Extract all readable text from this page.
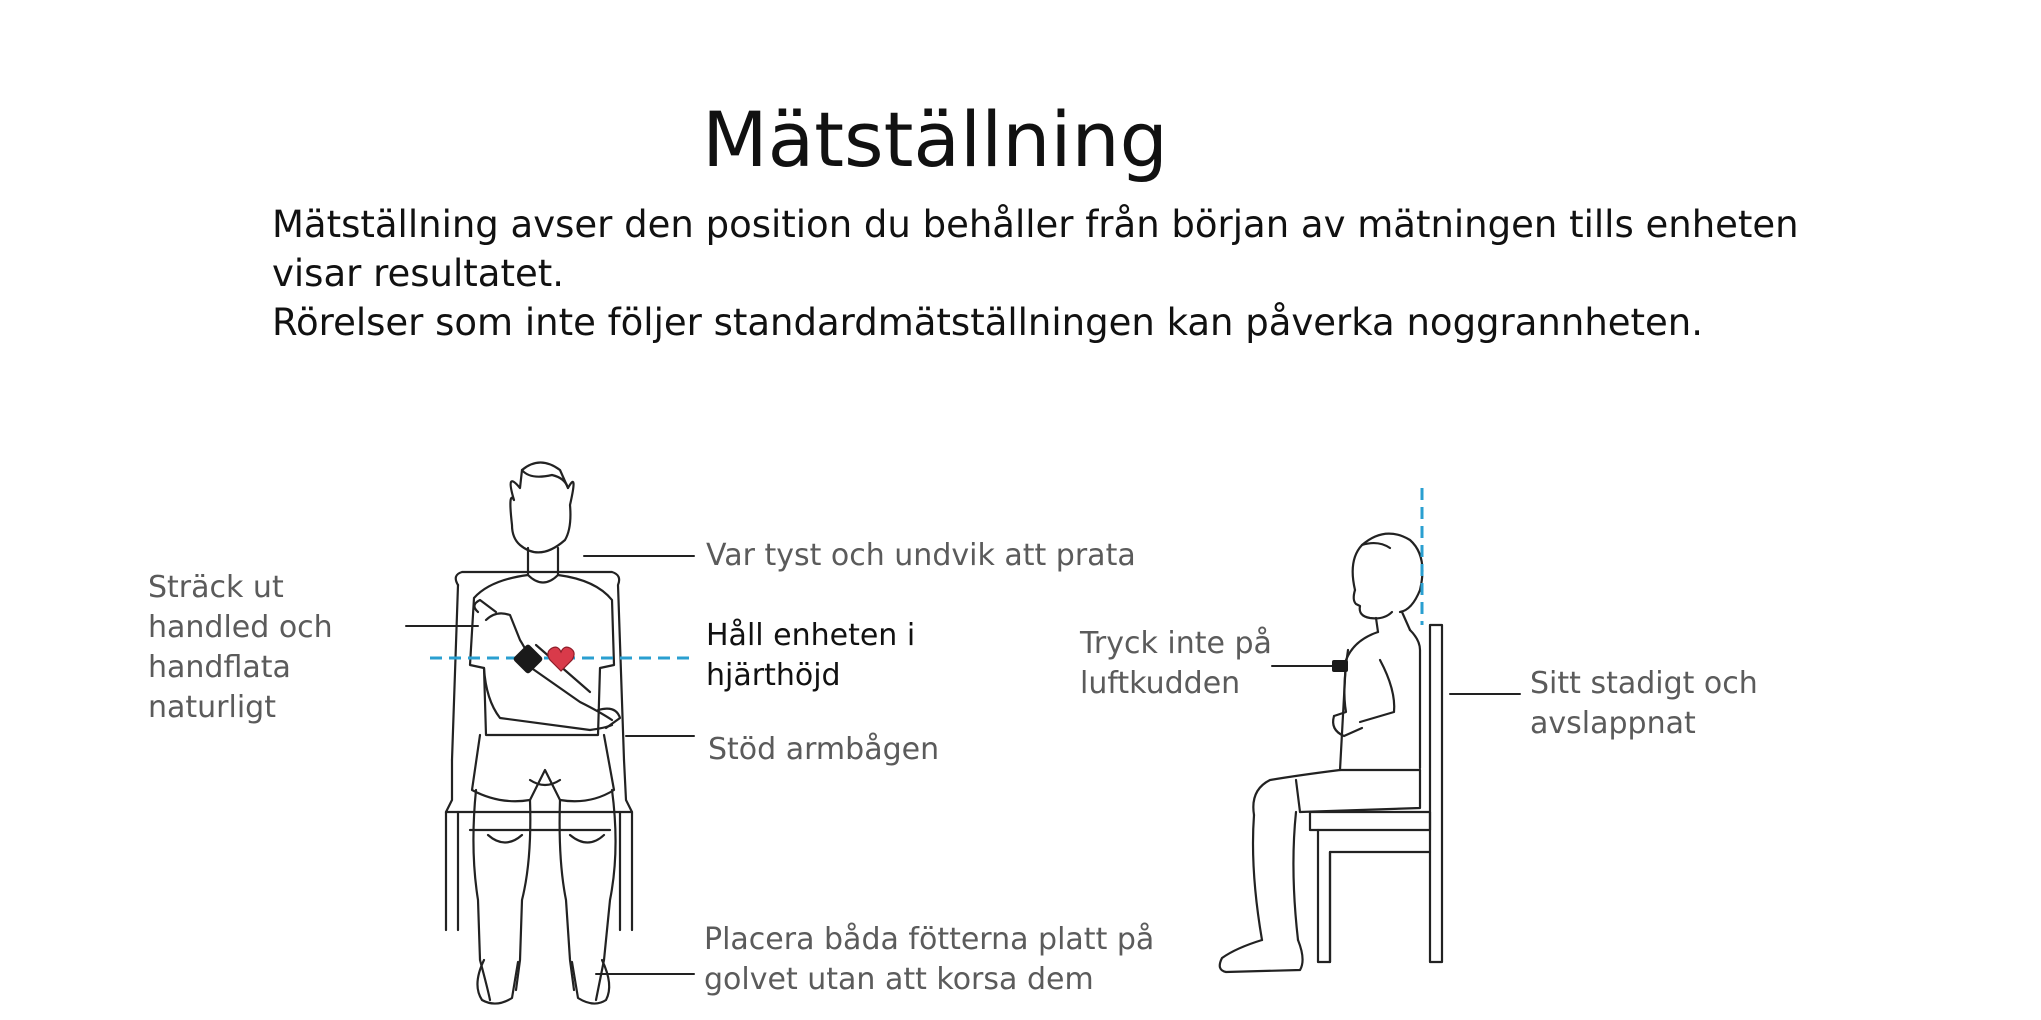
Mätställning

Mätställning avser den position du behåller från början av mätningen tills enheten

visar resultatet.

Rörelser som inte följer standardmätställningen kan påverka noggrannheten.

Sträck ut
handled och
handflata
naturligt
Var tyst och undvik att prata
Håll enheten i
hjärthöjd
Stöd armbågen
Placera båda fötterna platt på
golvet utan att korsa dem
Tryck inte på
luftkudden	Sitt stadigt och
avslappnat
